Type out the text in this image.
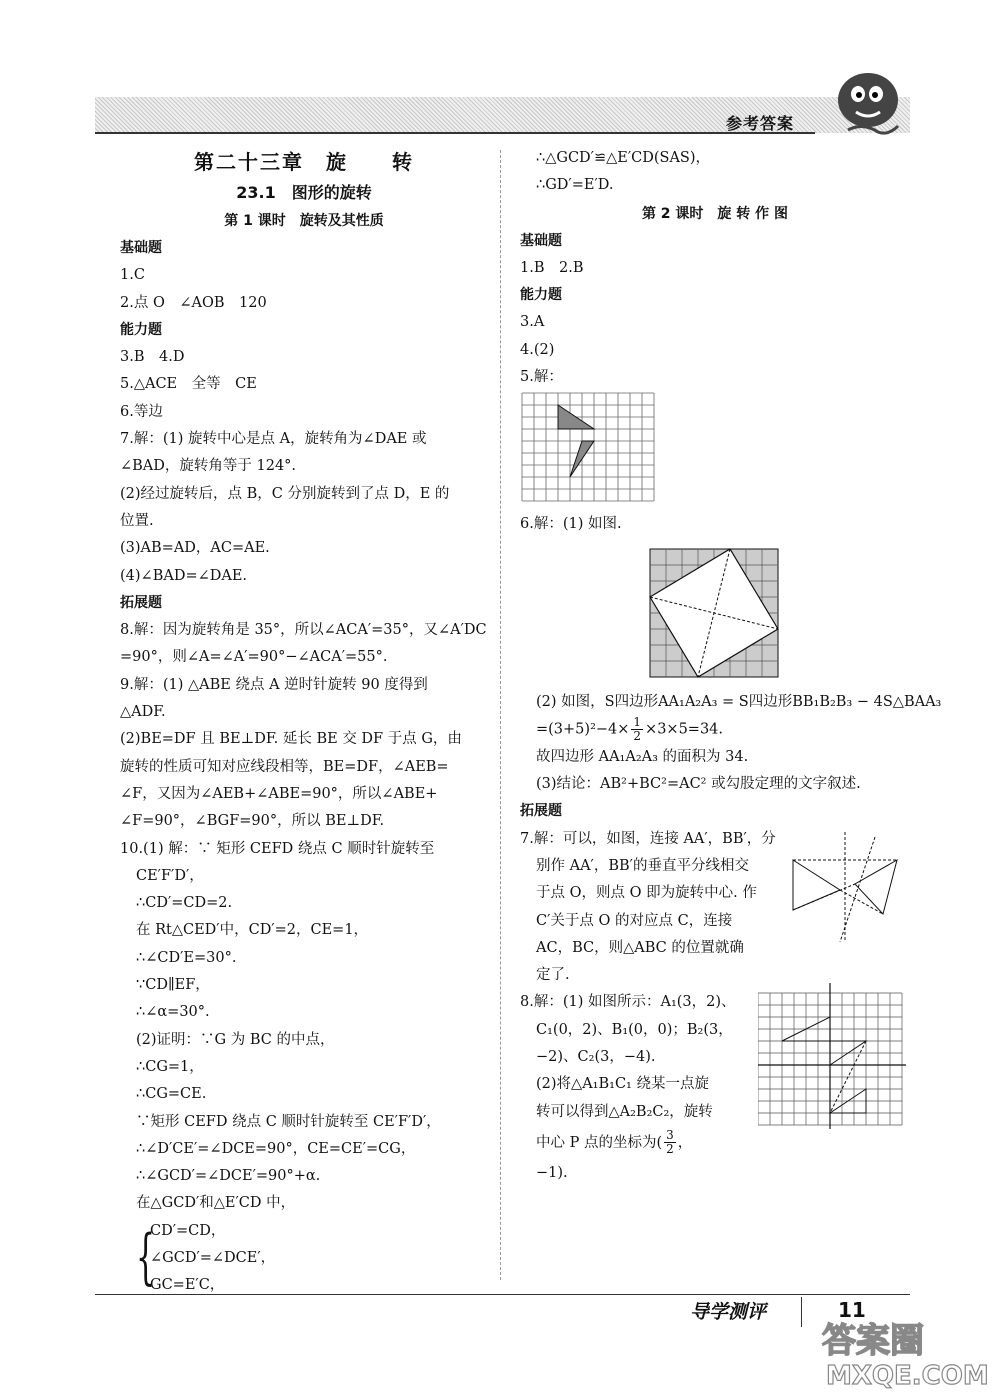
参考答案
第二十三章　旋　　转
23.1　图形的旋转
第 1 课时　旋转及其性质
基础题
1.C
2.点 O　∠AOB　120
能力题
3.B　4.D
5.△ACE　全等　CE
6.等边
7.解：(1) 旋转中心是点 A，旋转角为∠DAE 或
∠BAD，旋转角等于 124°.
(2)经过旋转后，点 B，C 分别旋转到了点 D，E 的
位置.
(3)AB=AD，AC=AE.
(4)∠BAD=∠DAE.
拓展题
8.解：因为旋转角是 35°，所以∠ACA′=35°，又∠A′DC
=90°，则∠A=∠A′=90°−∠ACA′=55°.
9.解：(1) △ABE 绕点 A 逆时针旋转 90 度得到
△ADF.
(2)BE=DF 且 BE⊥DF. 延长 BE 交 DF 于点 G，由
旋转的性质可知对应线段相等，BE=DF，∠AEB=
∠F，又因为∠AEB+∠ABE=90°，所以∠ABE+
∠F=90°，∠BGF=90°，所以 BE⊥DF.
10.(1) 解：∵ 矩形 CEFD 绕点 C 顺时针旋转至
CE′F′D′，
∴CD′=CD=2.
在 Rt△CED′中，CD′=2，CE=1，
∴∠CD′E=30°.
∵CD∥EF，
∴∠α=30°.
(2)证明：∵G 为 BC 的中点，
∴CG=1，
∴CG=CE.
∵矩形 CEFD 绕点 C 顺时针旋转至 CE′F′D′，
∴∠D′CE′=∠DCE=90°，CE=CE′=CG，
∴∠GCD′=∠DCE′=90°+α.
在△GCD′和△E′CD 中，
{
CD′=CD，
∠GCD′=∠DCE′，
GC=E′C，
∴△GCD′≌△E′CD(SAS)，
∴GD′=E′D.
第 2 课时　旋 转 作 图
基础题
1.B　2.B
能力题
3.A
4.(2)
5.解：
6.解：(1) 如图.
(2) 如图，S四边形AA₁A₂A₃ = S四边形BB₁B₂B₃ − 4S△BAA₃
$=(3+5)^2-4\times \frac{1}{2} \times 3\times 5=34$.
故四边形 AA₁A₂A₃ 的面积为 34.
(3)结论：AB²+BC²=AC² 或勾股定理的文字叙述.
拓展题
7.解：可以，如图，连接 AA′，BB′，分
别作 AA′，BB′的垂直平分线相交
于点 O，则点 O 即为旋转中心. 作
C′关于点 O 的对应点 C，连接
AC，BC，则△ABC 的位置就确
定了.
8.解：(1) 如图所示：A₁(3，2)、
C₁(0，2)、B₁(0，0)；B₂(3，
−2)、C₂(3，−4).
(2)将△A₁B₁C₁ 绕某一点旋
转可以得到△A₂B₂C₂，旋转
中心 P 点的坐标为( $\frac{3}{2}$ ，
−1).
导学测评	11
答案圈
MXQE.COM
